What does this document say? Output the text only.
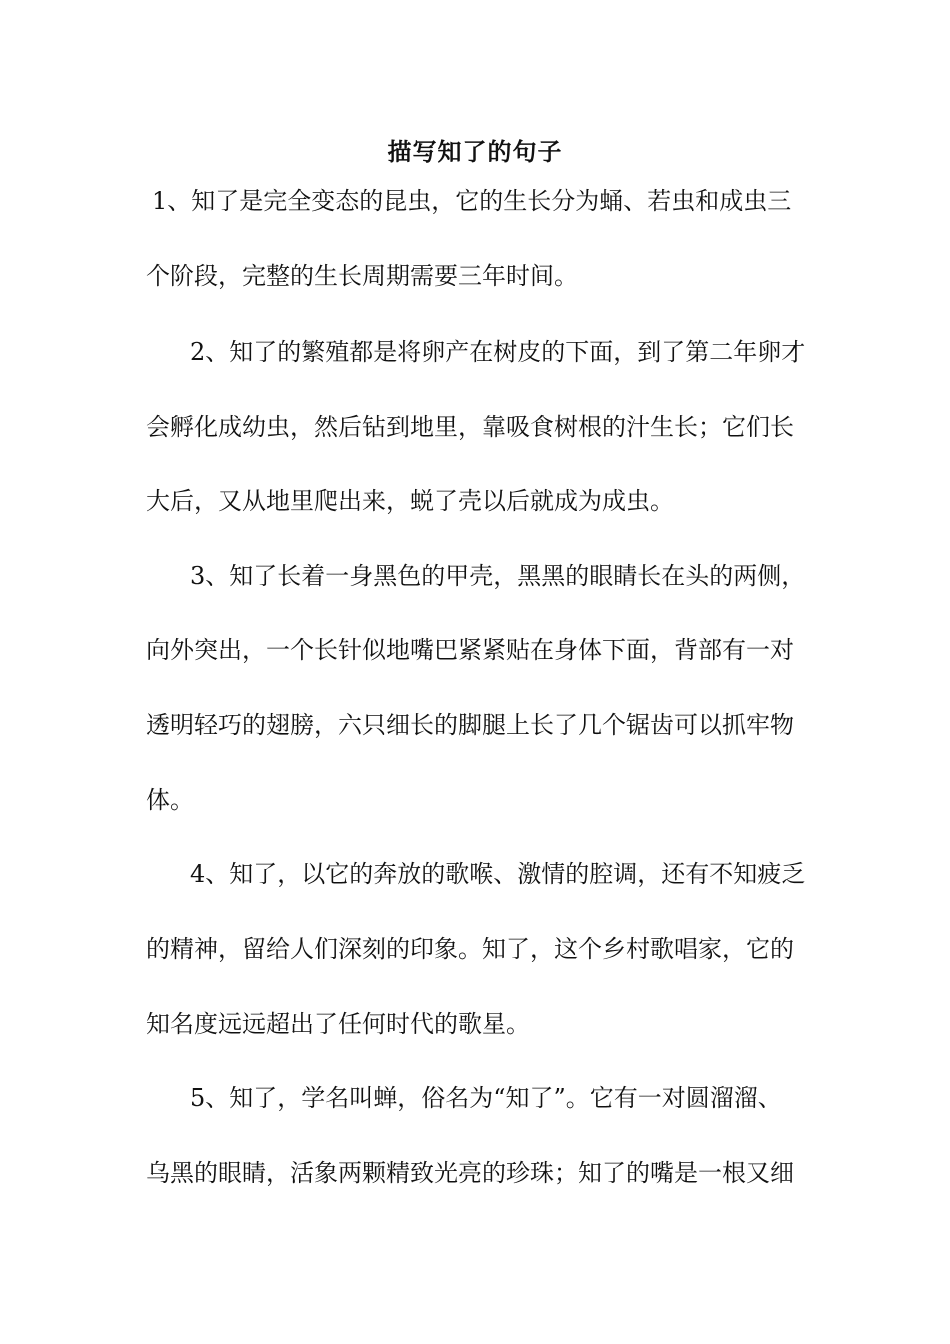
描写知了的句子
1、知了是完全变态的昆虫，它的生长分为蛹、若虫和成虫三
个阶段，完整的生长周期需要三年时间。
2、知了的繁殖都是将卵产在树皮的下面，到了第二年卵才
会孵化成幼虫，然后钻到地里，靠吸食树根的汁生长；它们长
大后，又从地里爬出来，蜕了壳以后就成为成虫。
3、知了长着一身黑色的甲壳，黑黑的眼睛长在头的两侧，
向外突出，一个长针似地嘴巴紧紧贴在身体下面，背部有一对
透明轻巧的翅膀，六只细长的脚腿上长了几个锯齿可以抓牢物
体。
4、知了，以它的奔放的歌喉、激情的腔调，还有不知疲乏
的精神，留给人们深刻的印象。知了，这个乡村歌唱家，它的
知名度远远超出了任何时代的歌星。
5、知了，学名叫蝉，俗名为“知了”。它有一对圆溜溜、
乌黑的眼睛，活象两颗精致光亮的珍珠；知了的嘴是一根又细
